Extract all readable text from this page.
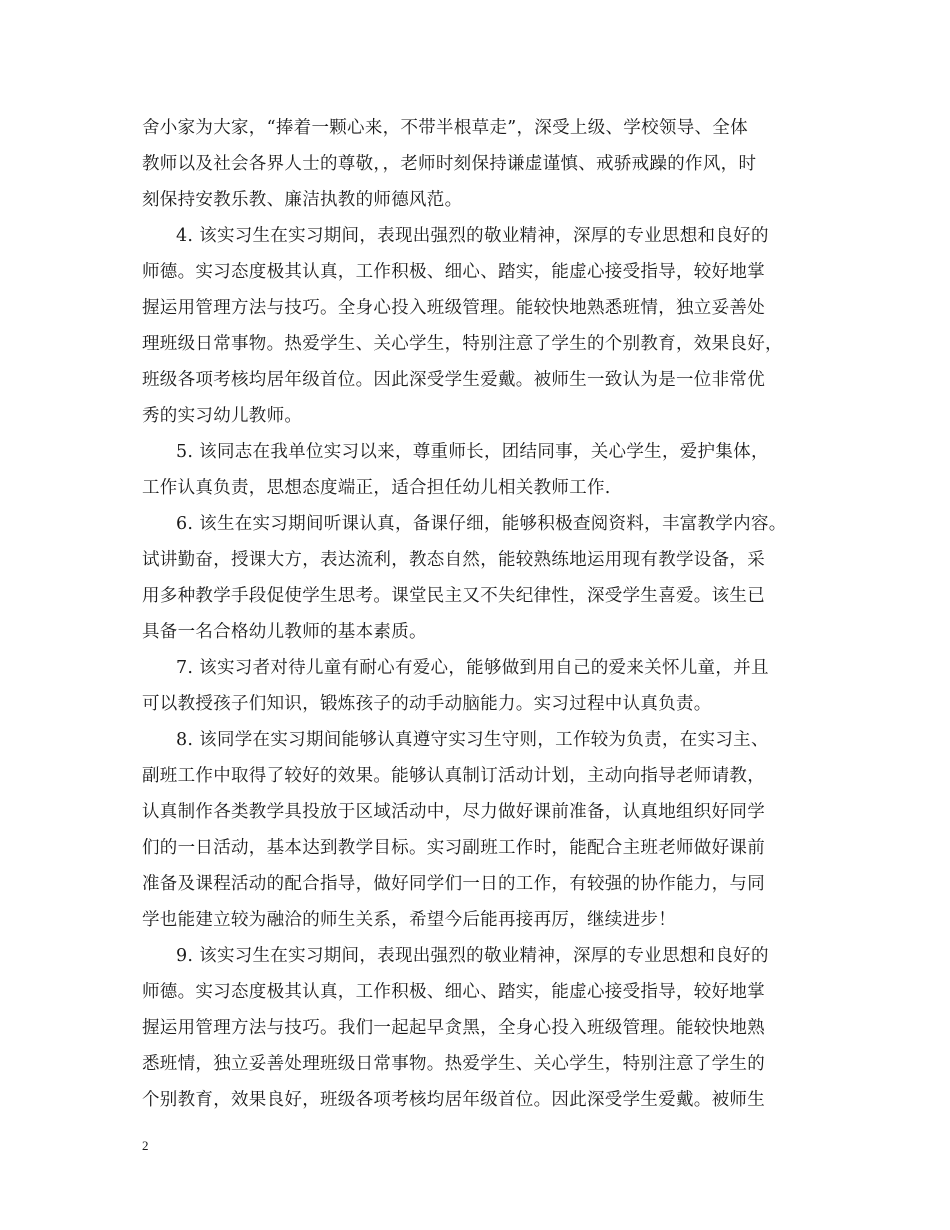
舍小家为大家，“捧着一颗心来，不带半根草走”，深受上级、学校领导、全体
教师以及社会各界人士的尊敬，，老师时刻保持谦虚谨慎、戒骄戒躁的作风，时
刻保持安教乐教、廉洁执教的师德风范。
4. 该实习生在实习期间，表现出强烈的敬业精神，深厚的专业思想和良好的
师德。实习态度极其认真，工作积极、细心、踏实，能虚心接受指导，较好地掌
握运用管理方法与技巧。全身心投入班级管理。能较快地熟悉班情，独立妥善处
理班级日常事物。热爱学生、关心学生，特别注意了学生的个别教育，效果良好，
班级各项考核均居年级首位。因此深受学生爱戴。被师生一致认为是一位非常优
秀的实习幼儿教师。
5. 该同志在我单位实习以来，尊重师长，团结同事，关心学生，爱护集体，
工作认真负责，思想态度端正，适合担任幼儿相关教师工作.
6. 该生在实习期间听课认真，备课仔细，能够积极查阅资料，丰富教学内容。
试讲勤奋，授课大方，表达流利，教态自然，能较熟练地运用现有教学设备，采
用多种教学手段促使学生思考。课堂民主又不失纪律性，深受学生喜爱。该生已
具备一名合格幼儿教师的基本素质。
7. 该实习者对待儿童有耐心有爱心，能够做到用自己的爱来关怀儿童，并且
可以教授孩子们知识，锻炼孩子的动手动脑能力。实习过程中认真负责。
8. 该同学在实习期间能够认真遵守实习生守则，工作较为负责，在实习主、
副班工作中取得了较好的效果。能够认真制订活动计划，主动向指导老师请教，
认真制作各类教学具投放于区域活动中，尽力做好课前准备，认真地组织好同学
们的一日活动，基本达到教学目标。实习副班工作时，能配合主班老师做好课前
准备及课程活动的配合指导，做好同学们一日的工作，有较强的协作能力，与同
学也能建立较为融洽的师生关系，希望今后能再接再厉，继续进步！
9. 该实习生在实习期间，表现出强烈的敬业精神，深厚的专业思想和良好的
师德。实习态度极其认真，工作积极、细心、踏实，能虚心接受指导，较好地掌
握运用管理方法与技巧。我们一起起早贪黑，全身心投入班级管理。能较快地熟
悉班情，独立妥善处理班级日常事物。热爱学生、关心学生，特别注意了学生的
个别教育，效果良好，班级各项考核均居年级首位。因此深受学生爱戴。被师生
2
